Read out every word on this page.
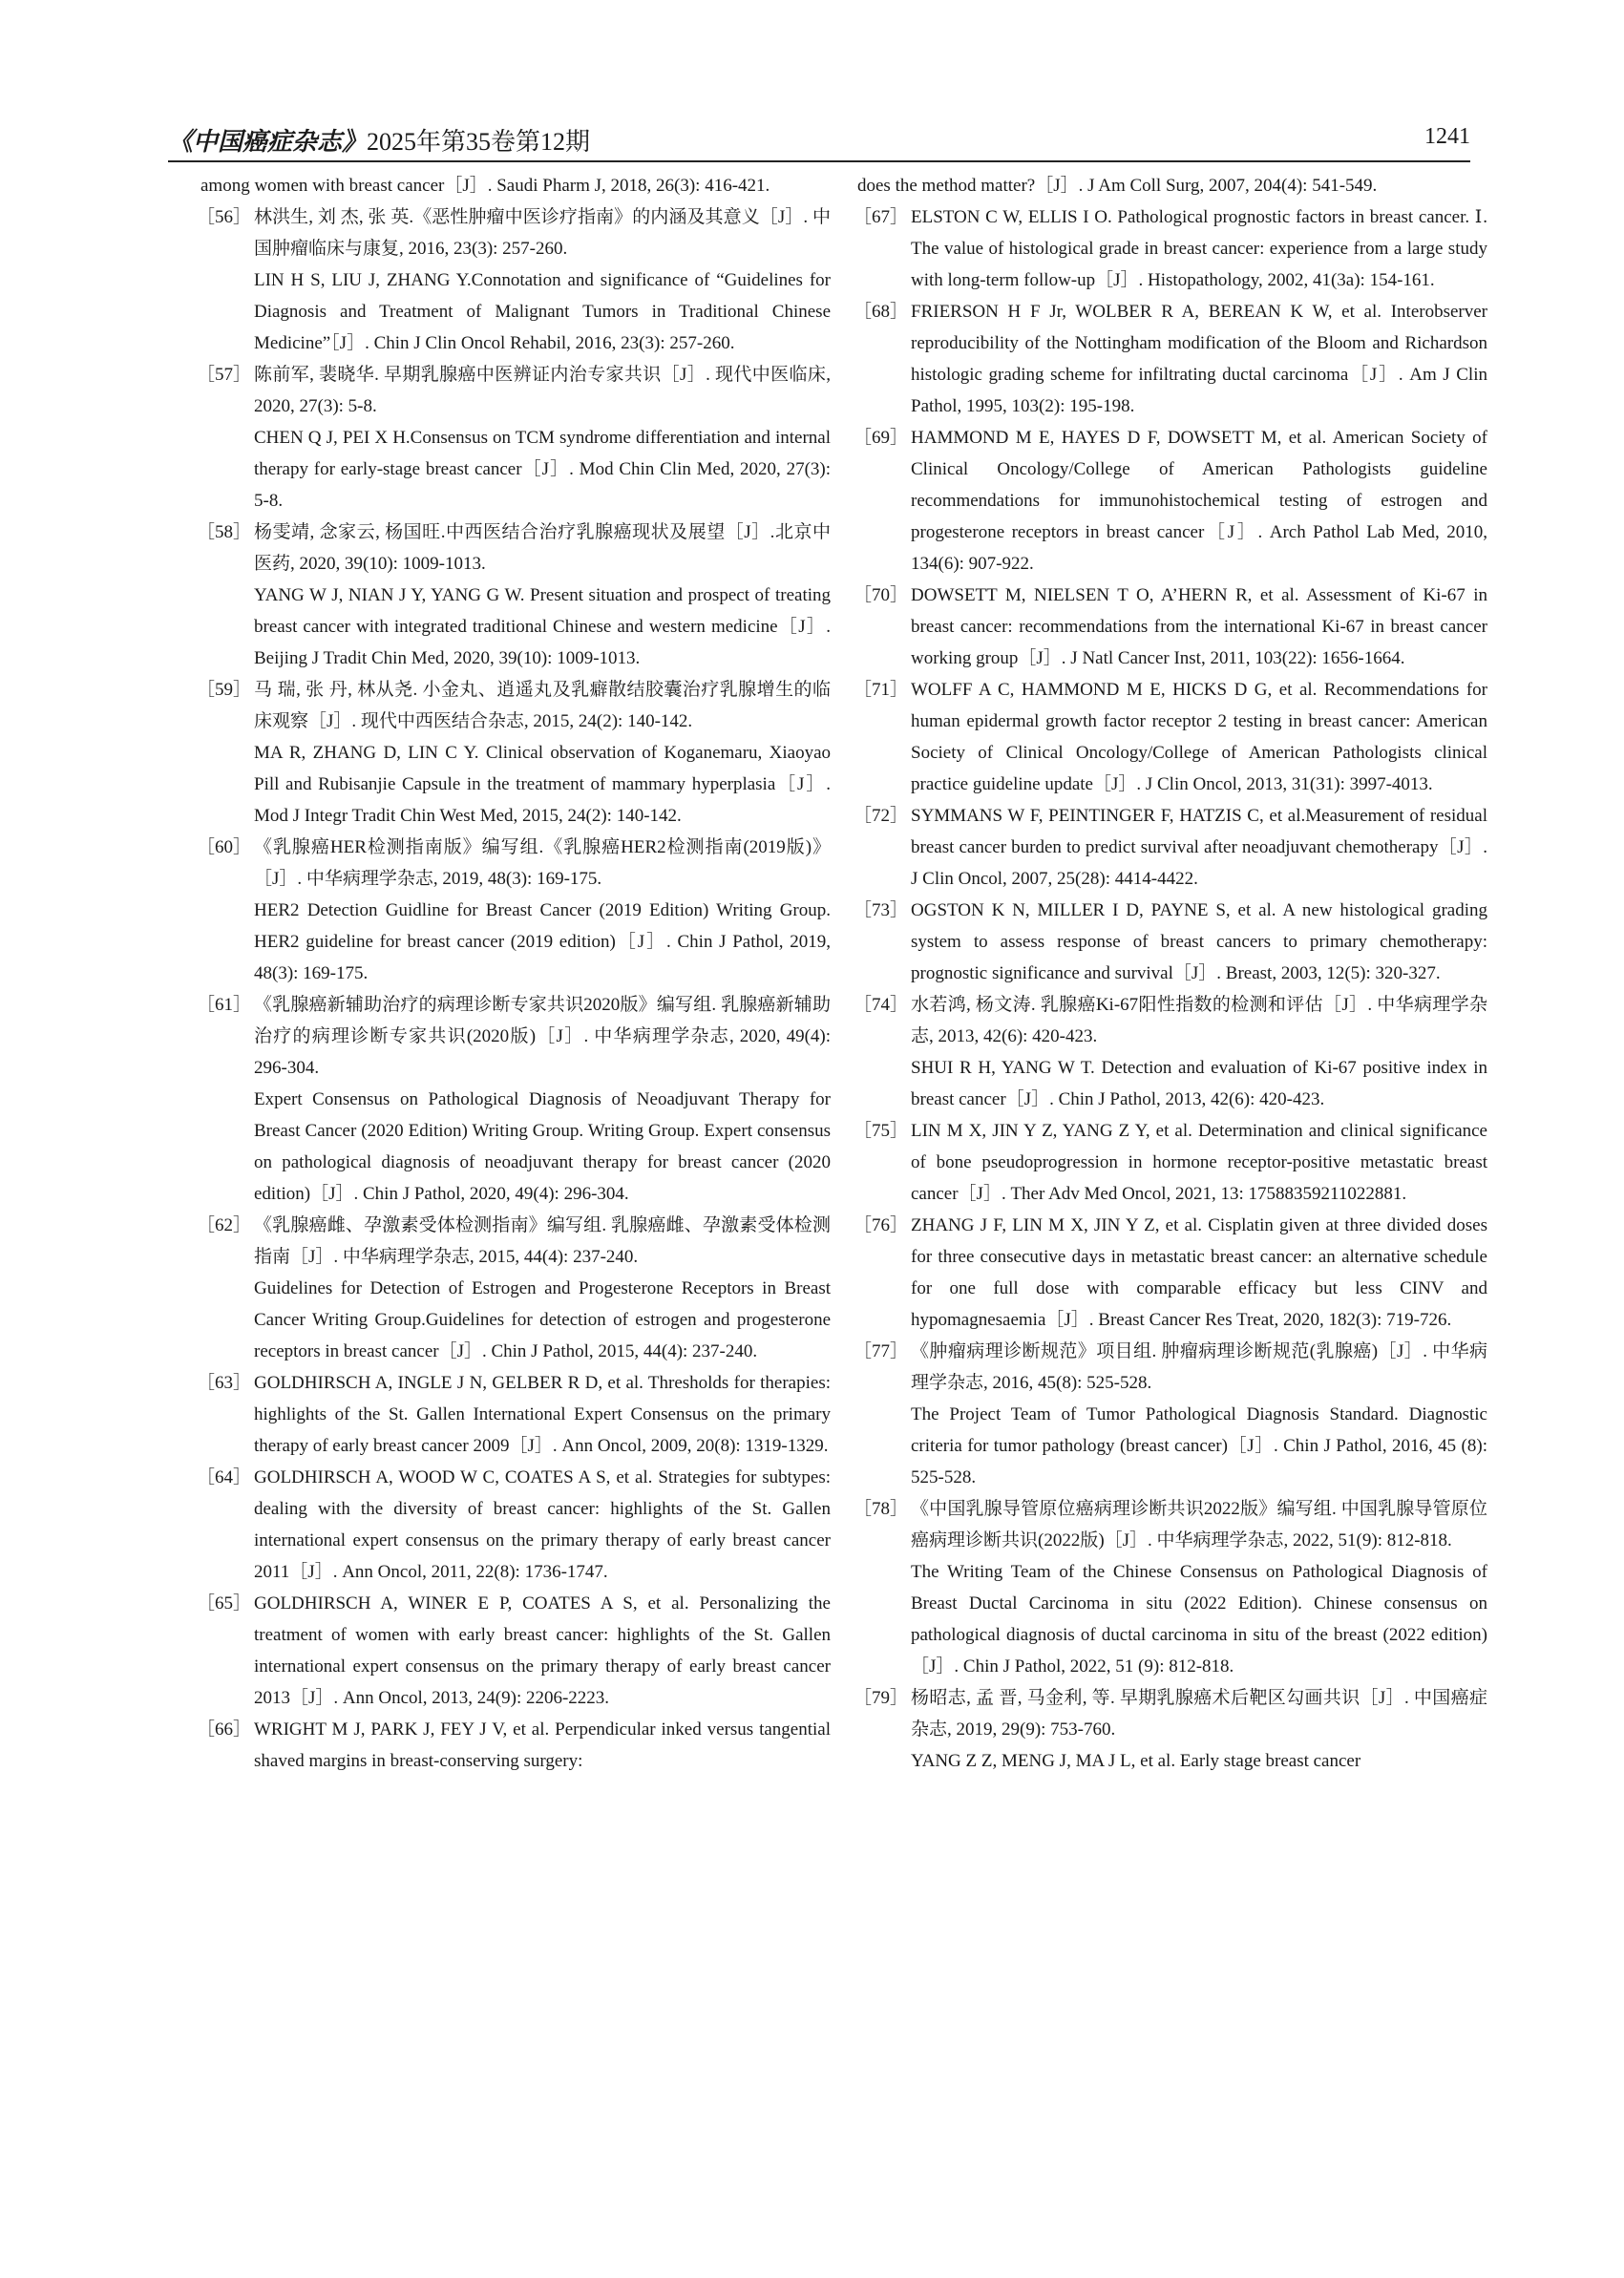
《中国癌症杂志》2025年第35卷第12期	1241

among women with breast cancer［J］. Saudi Pharm J, 2018, 26(3): 416-421.

［56］ 林洪生, 刘 杰, 张 英.《恶性肿瘤中医诊疗指南》的内涵及其意义［J］. 中国肿瘤临床与康复, 2016, 23(3): 257-260.

LIN H S, LIU J, ZHANG Y.Connotation and significance of “Guidelines for Diagnosis and Treatment of Malignant Tumors in Traditional Chinese Medicine”［J］. Chin J Clin Oncol Rehabil, 2016, 23(3): 257-260.

［57］ 陈前军, 裴晓华. 早期乳腺癌中医辨证内治专家共识［J］. 现代中医临床, 2020, 27(3): 5-8.

CHEN Q J, PEI X H.Consensus on TCM syndrome differentiation and internal therapy for early-stage breast cancer［J］. Mod Chin Clin Med, 2020, 27(3): 5-8.

［58］ 杨雯靖, 念家云, 杨国旺.中西医结合治疗乳腺癌现状及展望［J］.北京中医药, 2020, 39(10): 1009-1013.

YANG W J, NIAN J Y, YANG G W. Present situation and prospect of treating breast cancer with integrated traditional Chinese and western medicine［J］. Beijing J Tradit Chin Med, 2020, 39(10): 1009-1013.

［59］ 马 瑞, 张 丹, 林从尧. 小金丸、逍遥丸及乳癖散结胶囊治疗乳腺增生的临床观察［J］. 现代中西医结合杂志, 2015, 24(2): 140-142.

MA R, ZHANG D, LIN C Y. Clinical observation of Koganemaru, Xiaoyao Pill and Rubisanjie Capsule in the treatment of mammary hyperplasia［J］. Mod J Integr Tradit Chin West Med, 2015, 24(2): 140-142.

［60］ 《乳腺癌HER检测指南版》编写组.《乳腺癌HER2检测指南(2019版)》［J］. 中华病理学杂志, 2019, 48(3): 169-175.

HER2 Detection Guidline for Breast Cancer (2019 Edition) Writing Group. HER2 guideline for breast cancer (2019 edition)［J］. Chin J Pathol, 2019, 48(3): 169-175.

［61］ 《乳腺癌新辅助治疗的病理诊断专家共识2020版》编写组. 乳腺癌新辅助治疗的病理诊断专家共识(2020版)［J］. 中华病理学杂志, 2020, 49(4): 296-304.

Expert Consensus on Pathological Diagnosis of Neoadjuvant Therapy for Breast Cancer (2020 Edition) Writing Group. Writing Group. Expert consensus on pathological diagnosis of neoadjuvant therapy for breast cancer (2020 edition)［J］. Chin J Pathol, 2020, 49(4): 296-304.

［62］ 《乳腺癌雌、孕激素受体检测指南》编写组. 乳腺癌雌、孕激素受体检测指南［J］. 中华病理学杂志, 2015, 44(4): 237-240.

Guidelines for Detection of Estrogen and Progesterone Receptors in Breast Cancer Writing Group.Guidelines for detection of estrogen and progesterone receptors in breast cancer［J］. Chin J Pathol, 2015, 44(4): 237-240.

［63］ GOLDHIRSCH A, INGLE J N, GELBER R D, et al. Thresholds for therapies: highlights of the St. Gallen International Expert Consensus on the primary therapy of early breast cancer 2009［J］. Ann Oncol, 2009, 20(8): 1319-1329.

［64］ GOLDHIRSCH A, WOOD W C, COATES A S, et al. Strategies for subtypes: dealing with the diversity of breast cancer: highlights of the St. Gallen international expert consensus on the primary therapy of early breast cancer 2011［J］. Ann Oncol, 2011, 22(8): 1736-1747.

［65］ GOLDHIRSCH A, WINER E P, COATES A S, et al. Personalizing the treatment of women with early breast cancer: highlights of the St. Gallen international expert consensus on the primary therapy of early breast cancer 2013［J］. Ann Oncol, 2013, 24(9): 2206-2223.

［66］ WRIGHT M J, PARK J, FEY J V, et al. Perpendicular inked versus tangential shaved margins in breast-conserving surgery:

does the method matter?［J］. J Am Coll Surg, 2007, 204(4): 541-549.

［67］ ELSTON C W, ELLIS I O. Pathological prognostic factors in breast cancer. Ⅰ. The value of histological grade in breast cancer: experience from a large study with long-term follow-up［J］. Histopathology, 2002, 41(3a): 154-161.

［68］ FRIERSON H F Jr, WOLBER R A, BEREAN K W, et al. Interobserver reproducibility of the Nottingham modification of the Bloom and Richardson histologic grading scheme for infiltrating ductal carcinoma［J］. Am J Clin Pathol, 1995, 103(2): 195-198.

［69］ HAMMOND M E, HAYES D F, DOWSETT M, et al. American Society of Clinical Oncology/College of American Pathologists guideline recommendations for immunohistochemical testing of estrogen and progesterone receptors in breast cancer［J］. Arch Pathol Lab Med, 2010, 134(6): 907-922.

［70］ DOWSETT M, NIELSEN T O, A’HERN R, et al. Assessment of Ki-67 in breast cancer: recommendations from the international Ki-67 in breast cancer working group［J］. J Natl Cancer Inst, 2011, 103(22): 1656-1664.

［71］ WOLFF A C, HAMMOND M E, HICKS D G, et al. Recommendations for human epidermal growth factor receptor 2 testing in breast cancer: American Society of Clinical Oncology/College of American Pathologists clinical practice guideline update［J］. J Clin Oncol, 2013, 31(31): 3997-4013.

［72］ SYMMANS W F, PEINTINGER F, HATZIS C, et al.Measurement of residual breast cancer burden to predict survival after neoadjuvant chemotherapy［J］. J Clin Oncol, 2007, 25(28): 4414-4422.

［73］ OGSTON K N, MILLER I D, PAYNE S, et al. A new histological grading system to assess response of breast cancers to primary chemotherapy: prognostic significance and survival［J］. Breast, 2003, 12(5): 320-327.

［74］ 水若鸿, 杨文涛. 乳腺癌Ki-67阳性指数的检测和评估［J］. 中华病理学杂志, 2013, 42(6): 420-423.

SHUI R H, YANG W T. Detection and evaluation of Ki-67 positive index in breast cancer［J］. Chin J Pathol, 2013, 42(6): 420-423.

［75］ LIN M X, JIN Y Z, YANG Z Y, et al. Determination and clinical significance of bone pseudoprogression in hormone receptor-positive metastatic breast cancer［J］. Ther Adv Med Oncol, 2021, 13: 17588359211022881.

［76］ ZHANG J F, LIN M X, JIN Y Z, et al. Cisplatin given at three divided doses for three consecutive days in metastatic breast cancer: an alternative schedule for one full dose with comparable efficacy but less CINV and hypomagnesaemia［J］. Breast Cancer Res Treat, 2020, 182(3): 719-726.

［77］ 《肿瘤病理诊断规范》项目组. 肿瘤病理诊断规范(乳腺癌)［J］. 中华病理学杂志, 2016, 45(8): 525-528.

The Project Team of Tumor Pathological Diagnosis Standard. Diagnostic criteria for tumor pathology (breast cancer)［J］. Chin J Pathol, 2016, 45 (8): 525-528.

［78］ 《中国乳腺导管原位癌病理诊断共识2022版》编写组. 中国乳腺导管原位癌病理诊断共识(2022版)［J］. 中华病理学杂志, 2022, 51(9): 812-818.

The Writing Team of the Chinese Consensus on Pathological Diagnosis of Breast Ductal Carcinoma in situ (2022 Edition). Chinese consensus on pathological diagnosis of ductal carcinoma in situ of the breast (2022 edition)［J］. Chin J Pathol, 2022, 51 (9): 812-818.

［79］ 杨昭志, 孟 晋, 马金利, 等. 早期乳腺癌术后靶区勾画共识［J］. 中国癌症杂志, 2019, 29(9): 753-760.

YANG Z Z, MENG J, MA J L, et al. Early stage breast cancer
